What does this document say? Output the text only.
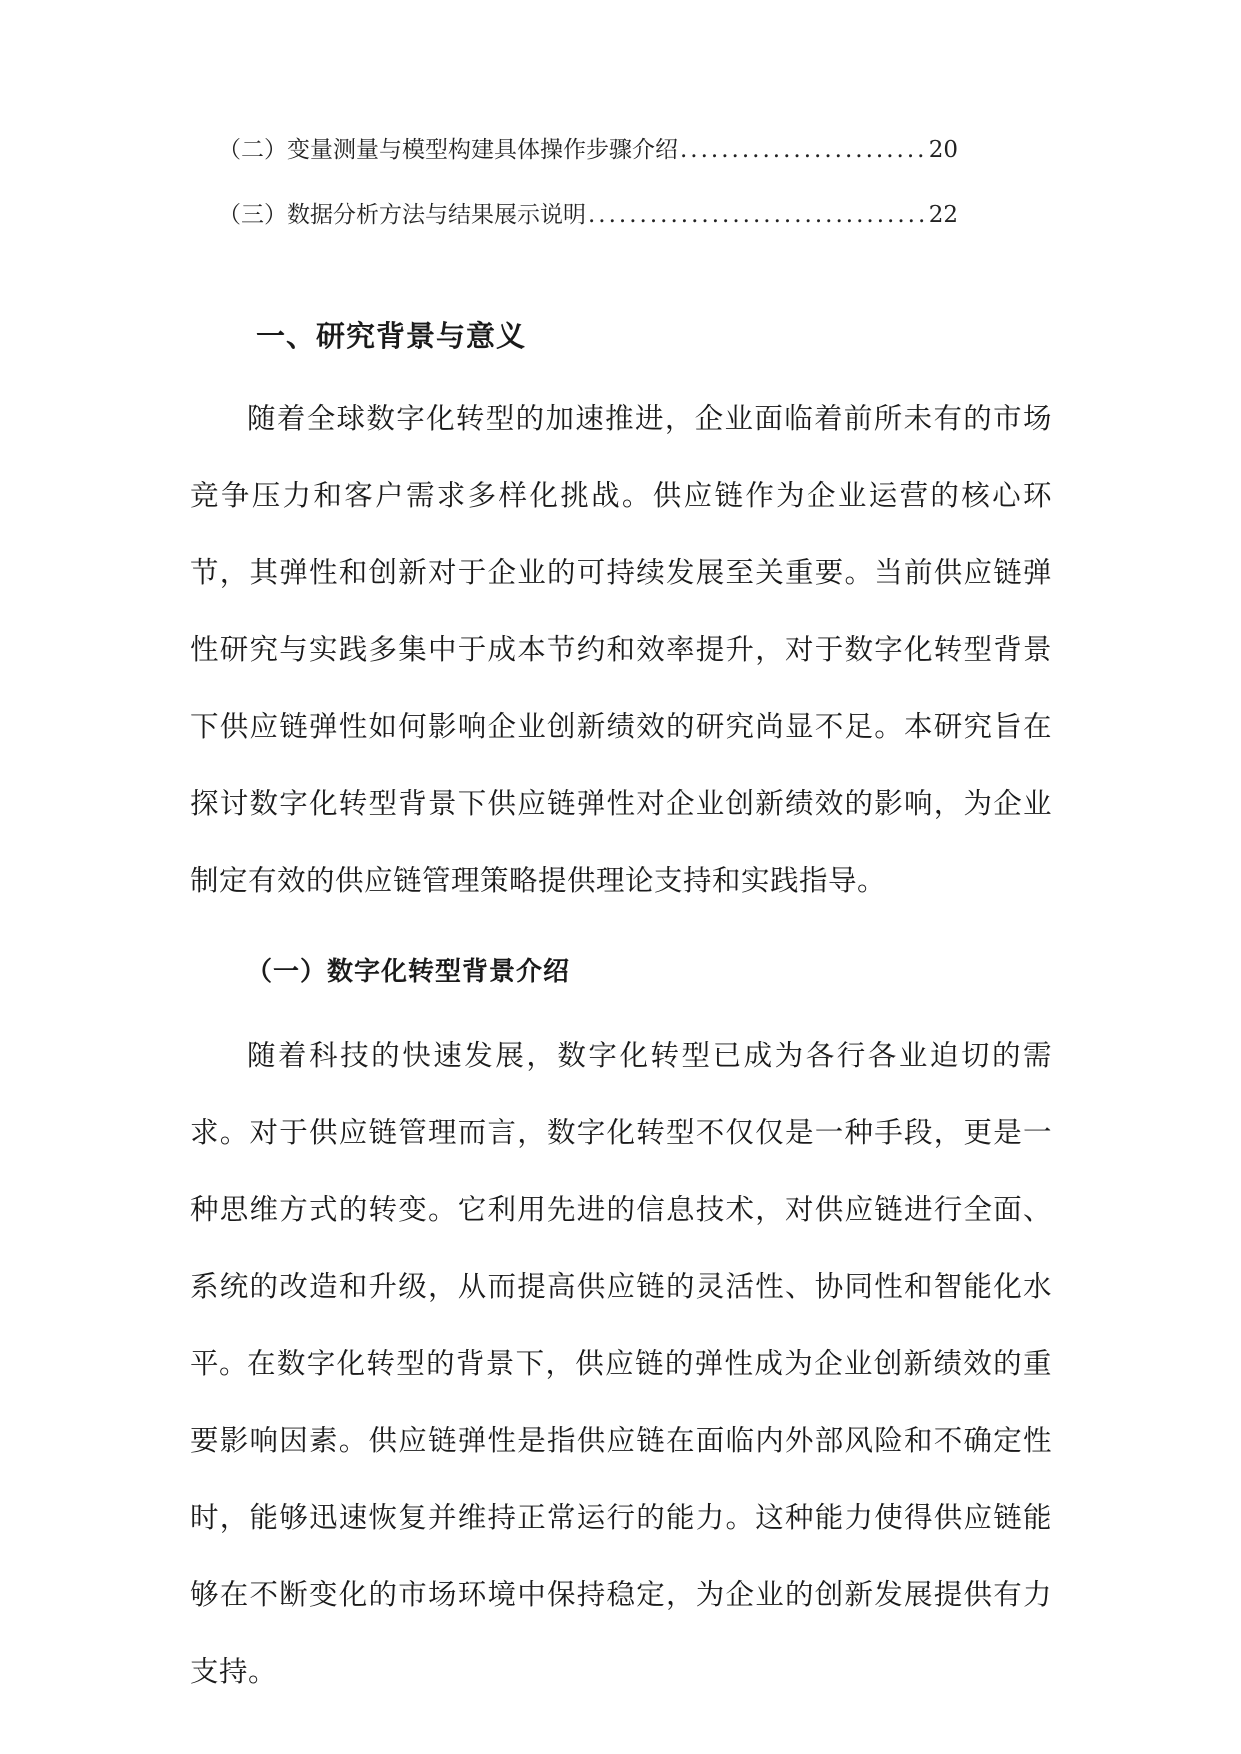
（二）变量测量与模型构建具体操作步骤介绍 .....	20
（三）数据分析方法与结果展示说明 .....	22
一、研究背景与意义

随着全球数字化转型的加速推进，企业面临着前所未有的市场竞争压力和客户需求多样化挑战。供应链作为企业运营的核心环节，其弹性和创新对于企业的可持续发展至关重要。当前供应链弹性研究与实践多集中于成本节约和效率提升，对于数字化转型背景下供应链弹性如何影响企业创新绩效的研究尚显不足。本研究旨在探讨数字化转型背景下供应链弹性对企业创新绩效的影响，为企业制定有效的供应链管理策略提供理论支持和实践指导。

（一）数字化转型背景介绍

随着科技的快速发展，数字化转型已成为各行各业迫切的需求。对于供应链管理而言，数字化转型不仅仅是一种手段，更是一种思维方式的转变。它利用先进的信息技术，对供应链进行全面、系统的改造和升级，从而提高供应链的灵活性、协同性和智能化水平。

在数字化转型的背景下，供应链的弹性成为企业创新绩效的重要影响因素。供应链弹性是指供应链在面临内外部风险和不确定性时，能够迅速恢复并维持正常运行的能力。这种能力使得供应链能够在不断变化的市场环境中保持稳定，为企业的创新发展提供有力支持。
